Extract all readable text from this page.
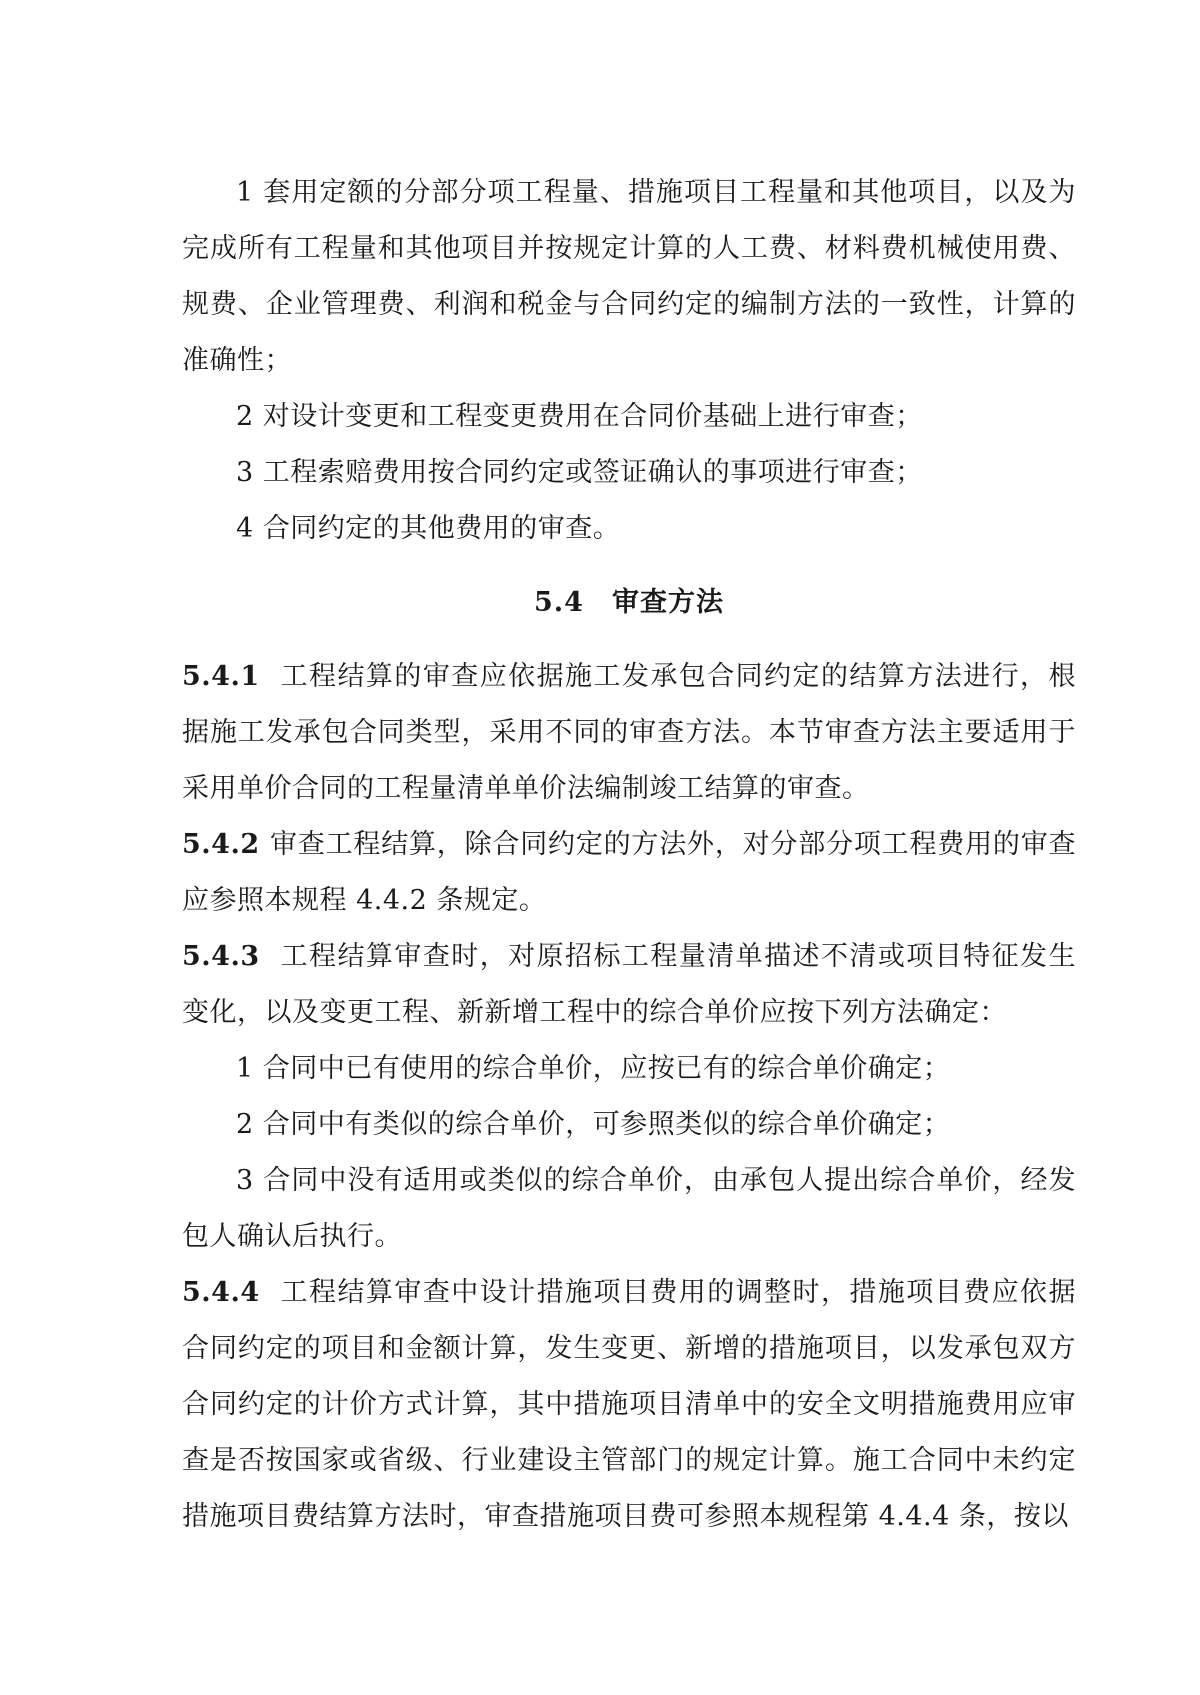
1 套用定额的分部分项工程量、措施项目工程量和其他项目，以及为完成所有工程量和其他项目并按规定计算的人工费、材料费机械使用费、规费、企业管理费、利润和税金与合同约定的编制方法的一致性，计算的准确性；

2 对设计变更和工程变更费用在合同价基础上进行审查；

3 工程索赔费用按合同约定或签证确认的事项进行审查；

4 合同约定的其他费用的审查。

5.4 审查方法

5.4.1 工程结算的审查应依据施工发承包合同约定的结算方法进行，根据施工发承包合同类型，采用不同的审查方法。本节审查方法主要适用于采用单价合同的工程量清单单价法编制竣工结算的审查。

5.4.2 审查工程结算，除合同约定的方法外，对分部分项工程费用的审查应参照本规程 4.4.2 条规定。

5.4.3 工程结算审查时，对原招标工程量清单描述不清或项目特征发生变化，以及变更工程、新新增工程中的综合单价应按下列方法确定：

1 合同中已有使用的综合单价，应按已有的综合单价确定；

2 合同中有类似的综合单价，可参照类似的综合单价确定；

3 合同中没有适用或类似的综合单价，由承包人提出综合单价，经发包人确认后执行。

5.4.4 工程结算审查中设计措施项目费用的调整时，措施项目费应依据合同约定的项目和金额计算，发生变更、新增的措施项目，以发承包双方合同约定的计价方式计算，其中措施项目清单中的安全文明措施费用应审查是否按国家或省级、行业建设主管部门的规定计算。施工合同中未约定措施项目费结算方法时，审查措施项目费可参照本规程第 4.4.4 条，按以
